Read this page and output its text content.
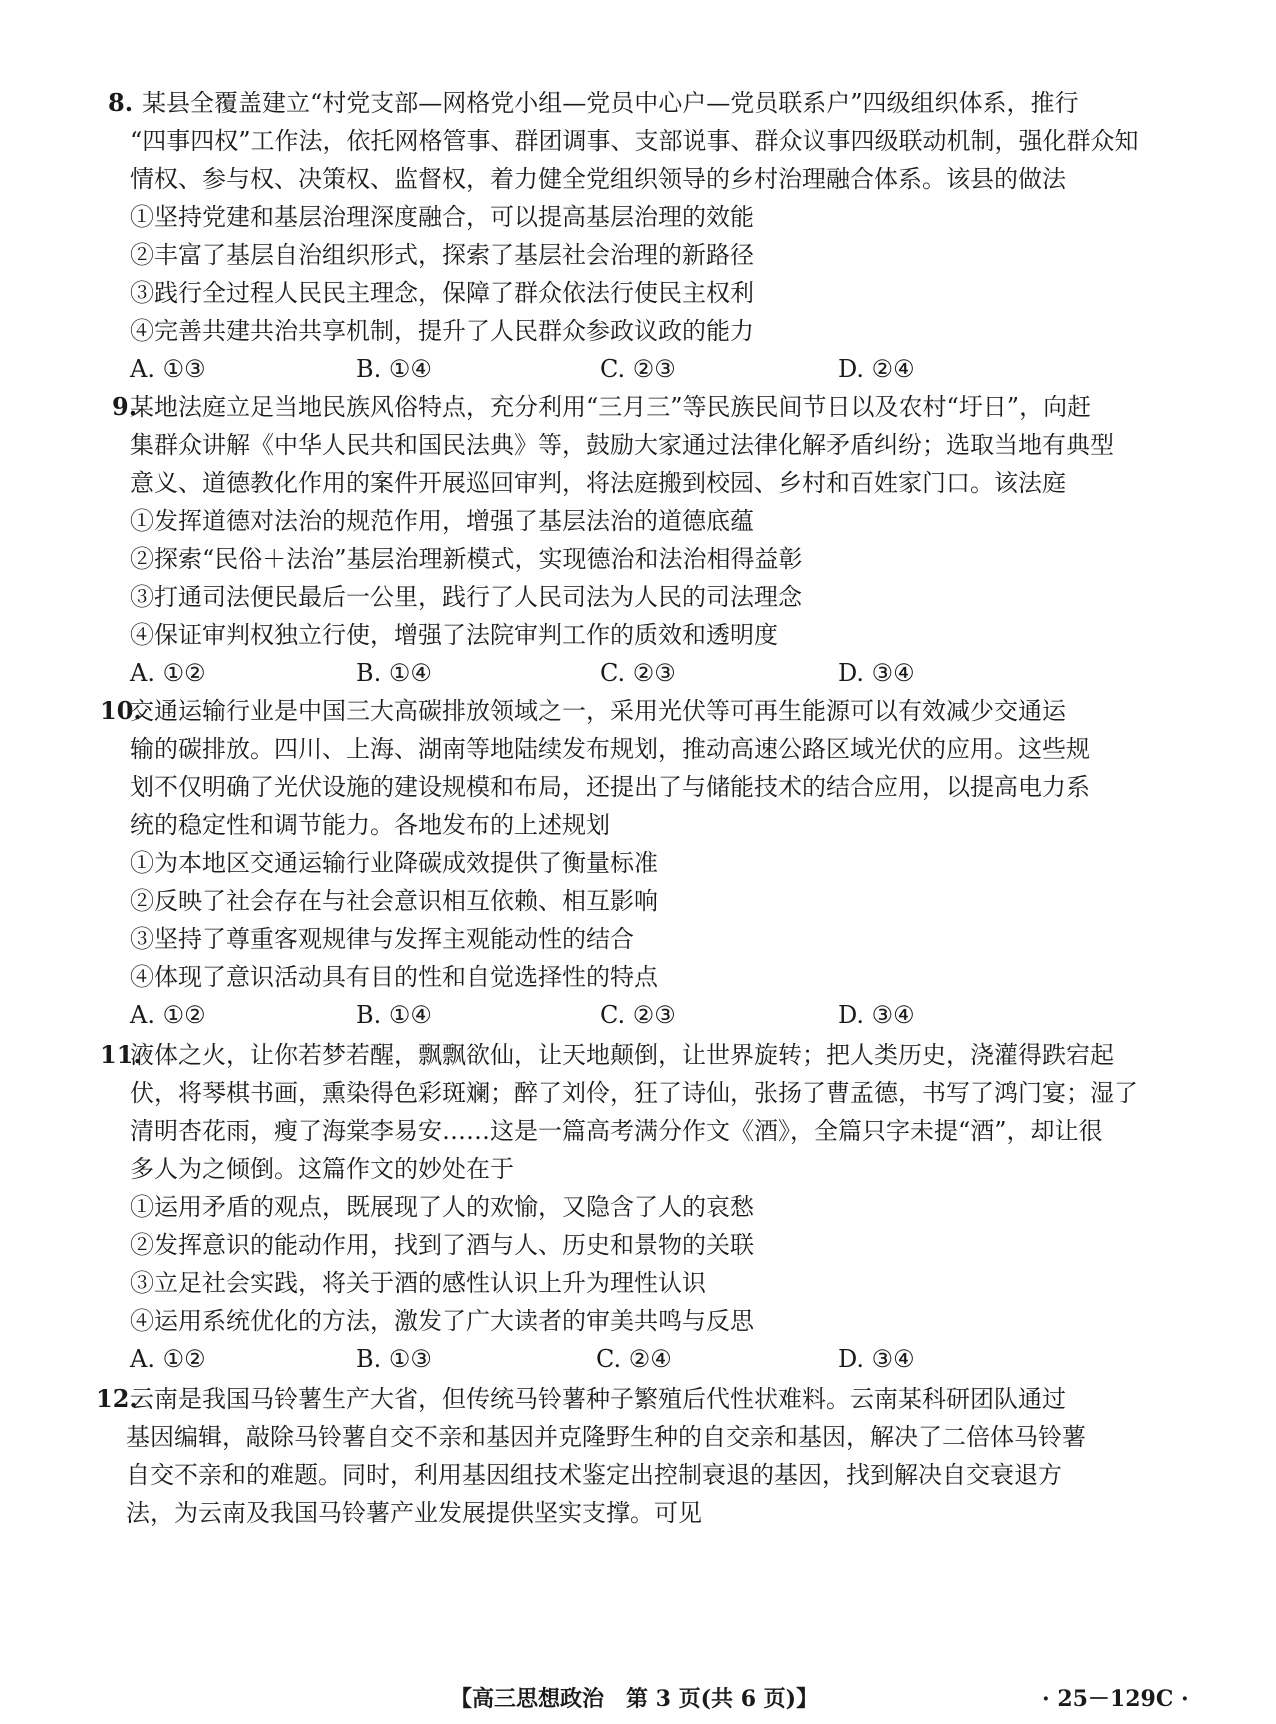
8. 某县全覆盖建立“村党支部—网格党小组—党员中心户—党员联系户”四级组织体系，推行
“四事四权”工作法，依托网格管事、群团调事、支部说事、群众议事四级联动机制，强化群众知
情权、参与权、决策权、监督权，着力健全党组织领导的乡村治理融合体系。该县的做法
①坚持党建和基层治理深度融合，可以提高基层治理的效能
②丰富了基层自治组织形式，探索了基层社会治理的新路径
③践行全过程人民民主理念，保障了群众依法行使民主权利
④完善共建共治共享机制，提升了人民群众参政议政的能力
A. ①③	B. ①④	C. ②③	D. ②④
9.
某地法庭立足当地民族风俗特点，充分利用“三月三”等民族民间节日以及农村“圩日”，向赶
集群众讲解《中华人民共和国民法典》等，鼓励大家通过法律化解矛盾纠纷；选取当地有典型
意义、道德教化作用的案件开展巡回审判，将法庭搬到校园、乡村和百姓家门口。该法庭
①发挥道德对法治的规范作用，增强了基层法治的道德底蕴
②探索“民俗＋法治”基层治理新模式，实现德治和法治相得益彰
③打通司法便民最后一公里，践行了人民司法为人民的司法理念
④保证审判权独立行使，增强了法院审判工作的质效和透明度
A. ①②	B. ①④	C. ②③	D. ③④
10.
交通运输行业是中国三大高碳排放领域之一，采用光伏等可再生能源可以有效减少交通运
输的碳排放。四川、上海、湖南等地陆续发布规划，推动高速公路区域光伏的应用。这些规
划不仅明确了光伏设施的建设规模和布局，还提出了与储能技术的结合应用，以提高电力系
统的稳定性和调节能力。各地发布的上述规划
①为本地区交通运输行业降碳成效提供了衡量标准
②反映了社会存在与社会意识相互依赖、相互影响
③坚持了尊重客观规律与发挥主观能动性的结合
④体现了意识活动具有目的性和自觉选择性的特点
A. ①②	B. ①④	C. ②③	D. ③④
11.
液体之火，让你若梦若醒，飘飘欲仙，让天地颠倒，让世界旋转；把人类历史，浇灌得跌宕起
伏，将琴棋书画，熏染得色彩斑斓；醉了刘伶，狂了诗仙，张扬了曹孟德，书写了鸿门宴；湿了
清明杏花雨，瘦了海棠李易安……这是一篇高考满分作文《酒》，全篇只字未提“酒”，却让很
多人为之倾倒。这篇作文的妙处在于
①运用矛盾的观点，既展现了人的欢愉，又隐含了人的哀愁
②发挥意识的能动作用，找到了酒与人、历史和景物的关联
③立足社会实践，将关于酒的感性认识上升为理性认识
④运用系统优化的方法，激发了广大读者的审美共鸣与反思
A. ①②	B. ①③	C. ②④	D. ③④
12.
云南是我国马铃薯生产大省，但传统马铃薯种子繁殖后代性状难料。云南某科研团队通过
基因编辑，敲除马铃薯自交不亲和基因并克隆野生种的自交亲和基因，解决了二倍体马铃薯
自交不亲和的难题。同时，利用基因组技术鉴定出控制衰退的基因，找到解决自交衰退方
法，为云南及我国马铃薯产业发展提供坚实支撑。可见
【高三思想政治　第 3 页(共 6 页)】	· 25－129C ·
